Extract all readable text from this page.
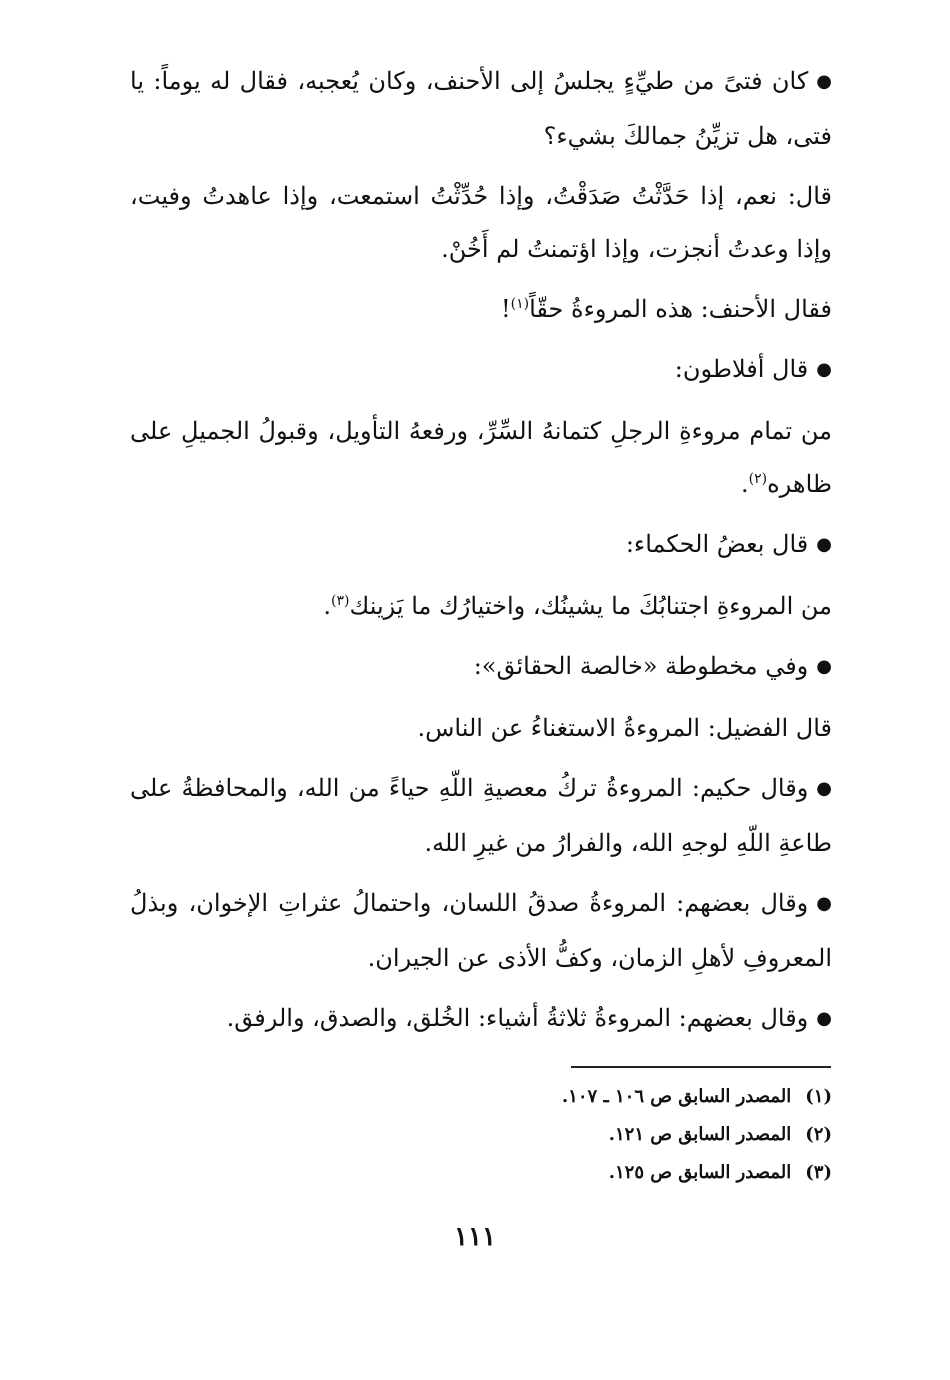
●كان فتىً من طيِّءٍ يجلسُ إلى الأحنف، وكان يُعجبه، فقال له يوماً: يا فتى، هل تزيِّنُ جمالكَ بشيء؟

قال: نعم، إذا حَدَّثْتُ صَدَقْتُ، وإذا حُدِّثْتُ استمعت، وإذا عاهدتُ وفيت، وإذا وعدتُ أنجزت، وإذا اؤتمنتُ لم أَخُنْ.

فقال الأحنف: هذه المروءةُ حقّاً$^{(١)}$!

●قال أفلاطون:

من تمام مروءةِ الرجلِ كتمانهُ السِّرِّ، ورفعهُ التأويل، وقبولُ الجميلِ على ظاهره$^{(٢)}$.

●قال بعضُ الحكماء:

من المروءةِ اجتنابُكَ ما يشينُك، واختيارُك ما يَزينك$^{(٣)}$.

●وفي مخطوطة «خالصة الحقائق»:

قال الفضيل: المروءةُ الاستغناءُ عن الناس.

●وقال حكيم: المروءةُ تركُ معصيةِ اللّهِ حياءً من الله، والمحافظةُ على طاعةِ اللّهِ لوجهِ الله، والفرارُ من غيرِ الله.

●وقال بعضهم: المروءةُ صدقُ اللسان، واحتمالُ عثراتِ الإخوان، وبذلُ المعروفِ لأهلِ الزمان، وكفُّ الأذى عن الجيران.

●وقال بعضهم: المروءةُ ثلاثةُ أشياء: الخُلق، والصدق، والرفق.

(١)المصدر السابق ص ١٠٦ ـ ١٠٧.
(٢)المصدر السابق ص ١٢١.
(٣)المصدر السابق ص ١٢٥.
١١١
